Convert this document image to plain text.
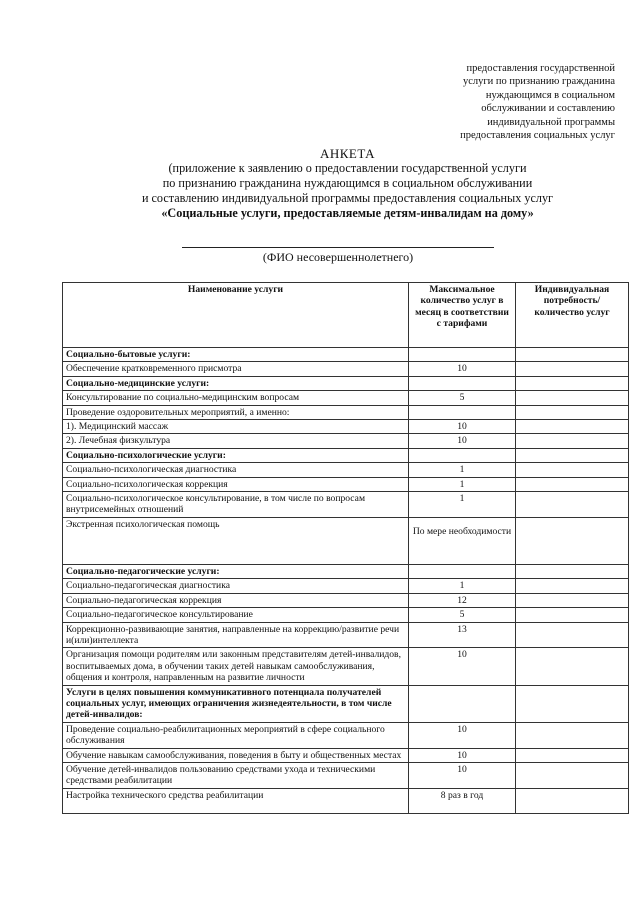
предоставления государственной
услуги по признанию гражданина
нуждающимся в социальном
обслуживании и составлению
индивидуальной программы
предоставления социальных услуг
АНКЕТА
(приложение к заявлению о предоставлении государственной услуги
по признанию гражданина нуждающимся в социальном обслуживании
и составлению индивидуальной программы предоставления социальных услуг
«Социальные услуги, предоставляемые детям-инвалидам на дому»
(ФИО несовершеннолетнего)
Наименование услуги	Максимальное количество услуг в месяц в соответствии с тарифами	Индивидуальная потребность/ количество услуг
Социально-бытовые услуги:		
Обеспечение кратковременного присмотра	10	
Социально-медицинские услуги:		
Консультирование по социально-медицинским вопросам	5	
Проведение оздоровительных мероприятий, а именно:		
1). Медицинский массаж	10	
2). Лечебная физкультура	10	
Социально-психологические услуги:		
Социально-психологическая диагностика	1	
Социально-психологическая коррекция	1	
Социально-психологическое консультирование, в том числе по вопросам внутрисемейных отношений	1	
Экстренная психологическая помощь	По мере необходимости	
Социально-педагогические услуги:		
Социально-педагогическая диагностика	1	
Социально-педагогическая коррекция	12	
Социально-педагогическое консультирование	5	
Коррекционно-развивающие занятия, направленные на коррекцию/развитие речи и(или)интеллекта	13	
Организация помощи родителям или законным представителям детей-инвалидов, воспитываемых дома, в обучении таких детей навыкам самообслуживания, общения и контроля, направленным на развитие личности	10	
Услуги в целях повышения коммуникативного потенциала получателей социальных услуг, имеющих ограничения жизнедеятельности, в том числе детей-инвалидов:		
Проведение социально-реабилитационных мероприятий в сфере социального обслуживания	10	
Обучение навыкам самообслуживания, поведения в быту и общественных местах	10	
Обучение детей-инвалидов пользованию средствами ухода и техническими средствами реабилитации	10	
Настройка технического средства реабилитации	8 раз в год	
